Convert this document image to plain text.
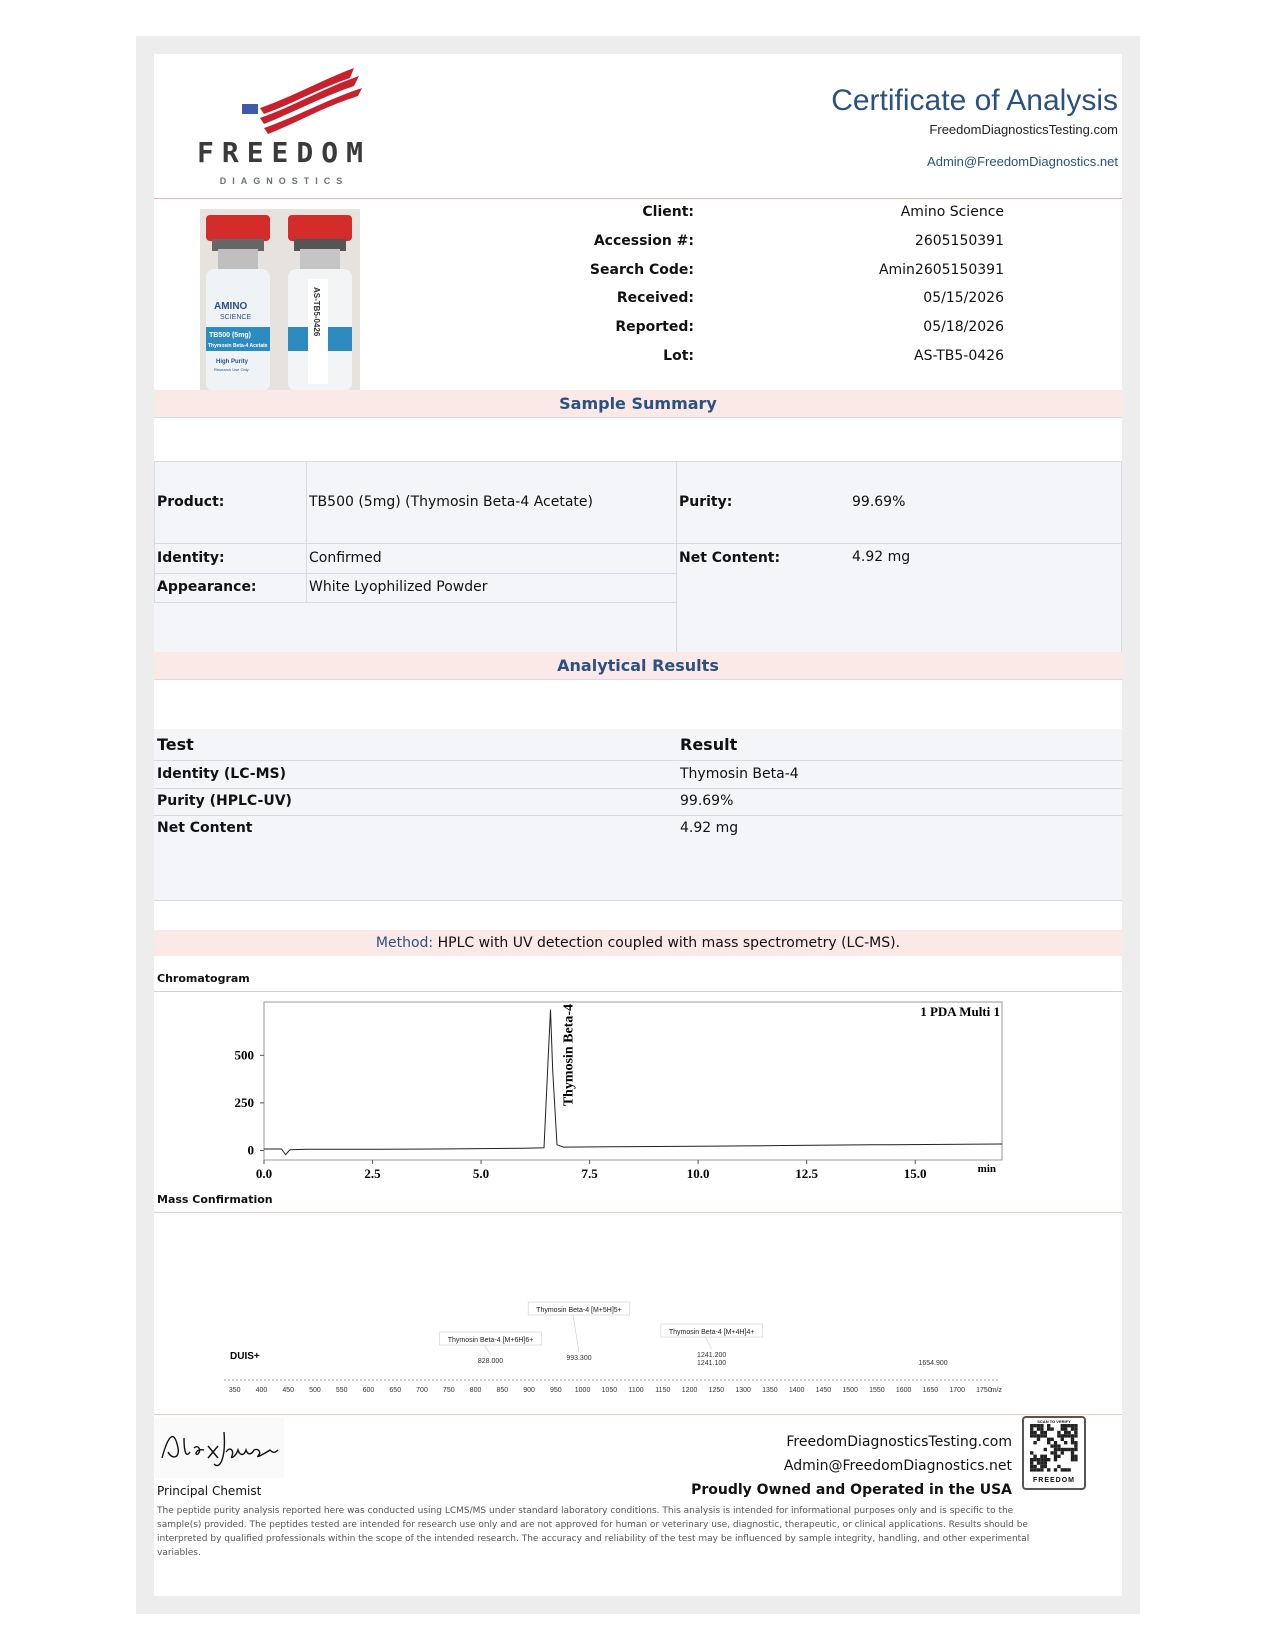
FREEDOM
DIAGNOSTICS
Certificate of Analysis
FreedomDiagnosticsTesting.com
Admin@FreedomDiagnostics.net
AMINO
SCIENCE
TB500 (5mg)
Thymosin Beta-4 Acetate
High Purity
Research Use Only
AS-TB5-0426
Client:	Amino Science
Accession #:	2605150391
Search Code:	Amin2605150391
Received:	05/15/2026
Reported:	05/18/2026
Lot:	AS-TB5-0426
Sample Summary
Product:	TB500 (5mg) (Thymosin Beta-4 Acetate)	Purity:	99.69%
Identity:	Confirmed	Net Content:	4.92 mg
Appearance:	White Lyophilized Powder
Analytical Results
Test	Result
Identity (LC-MS)	Thymosin Beta-4
Purity (HPLC-UV)	99.69%
Net Content	4.92 mg
Method: HPLC with UV detection coupled with mass spectrometry (LC-MS).
Chromatogram
0.0	2.5	5.0	7.5	10.0	12.5	15.0
0
250
500
min
1 PDA Multi 1
Thymosin Beta-4
Mass Confirmation
350 400 450 500 550 600 650 700 750 800 850 900 950 1000 1050 1100 1150 1200 1250 1300 1350 1400 1450 1500 1550 1600 1650 1700 1750
m/z
DUIS+	828.000
Thymosin Beta-4 [M+6H]6+
993.300
Thymosin Beta-4 [M+5H]5+
1241.200
Thymosin Beta-4 [M+4H]4+
1241.100	1654.900
Principal Chemist
FreedomDiagnosticsTesting.com
Admin@FreedomDiagnostics.net
Proudly Owned and Operated in the USA
SCAN TO VERIFY
FREEDOM
The peptide purity analysis reported here was conducted using LCMS/MS under standard laboratory conditions. This analysis is intended for informational purposes only and is specific to the sample(s) provided. The peptides tested are intended for research use only and are not approved for human or veterinary use, diagnostic, therapeutic, or clinical applications. Results should be interpreted by qualified professionals within the scope of the intended research. The accuracy and reliability of the test may be influenced by sample integrity, handling, and other experimental variables.
